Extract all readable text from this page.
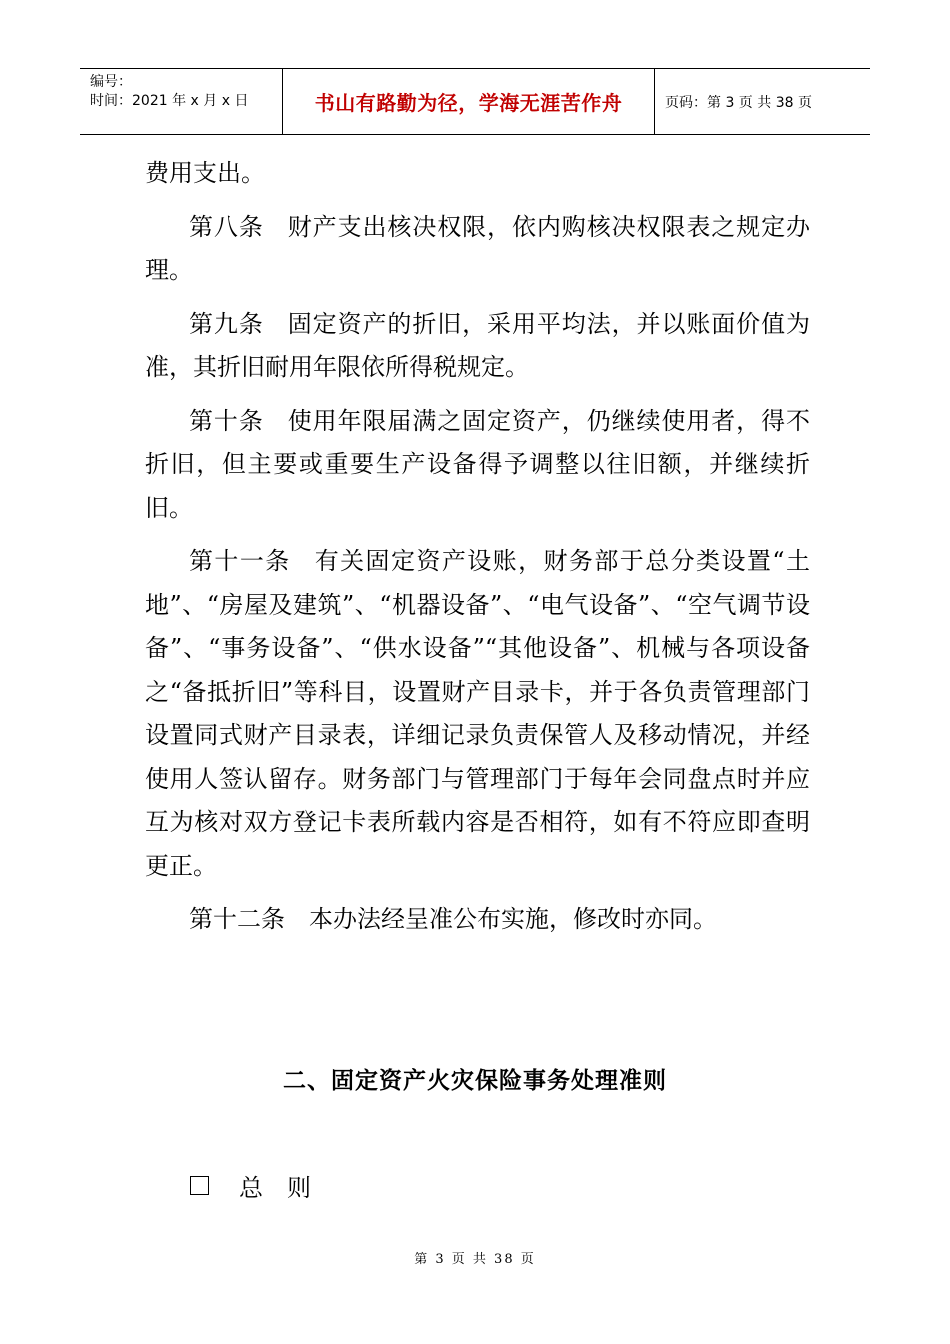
编号：
时间：2021 年 x 月 x 日	书山有路勤为径，学海无涯苦作舟	页码：第 3 页 共 38 页

费用支出。

第八条 财产支出核决权限，依内购核决权限表之规定办理。

第九条 固定资产的折旧，采用平均法，并以账面价值为准，其折旧耐用年限依所得税规定。

第十条 使用年限届满之固定资产，仍继续使用者，得不折旧，但主要或重要生产设备得予调整以往旧额，并继续折旧。

第十一条 有关固定资产设账，财务部于总分类设置“土地”、“房屋及建筑”、“机器设备”、“电气设备”、“空气调节设备”、“事务设备”、“供水设备”“其他设备”、机械与各项设备之“备抵折旧”等科目，设置财产目录卡，并于各负责管理部门设置同式财产目录表，详细记录负责保管人及移动情况，并经使用人签认留存。财务部门与管理部门于每年会同盘点时并应互为核对双方登记卡表所载内容是否相符，如有不符应即查明更正。

第十二条 本办法经呈准公布实施，修改时亦同。

二、固定资产火灾保险事务处理准则
总　则
第 3 页 共 38 页
